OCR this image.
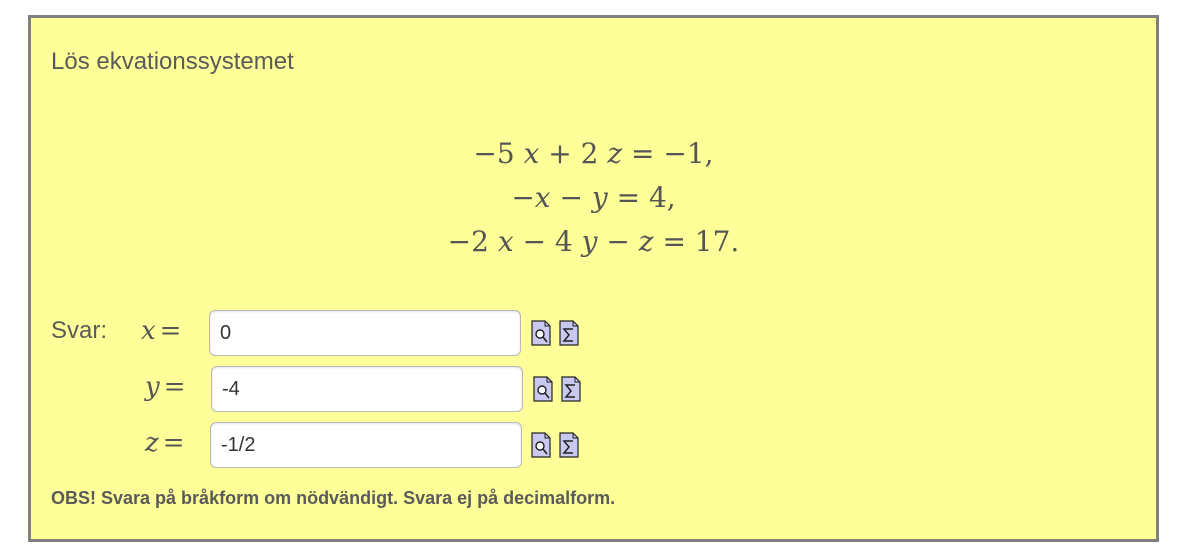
Lös ekvationssystemet
−5 x + 2 z = −1,
−x − y = 4,
−2 x − 4 y − z = 17.
Svar: x =
0
y =
-4
z =
-1/2
OBS! Svara på bråkform om nödvändigt. Svara ej på decimalform.
